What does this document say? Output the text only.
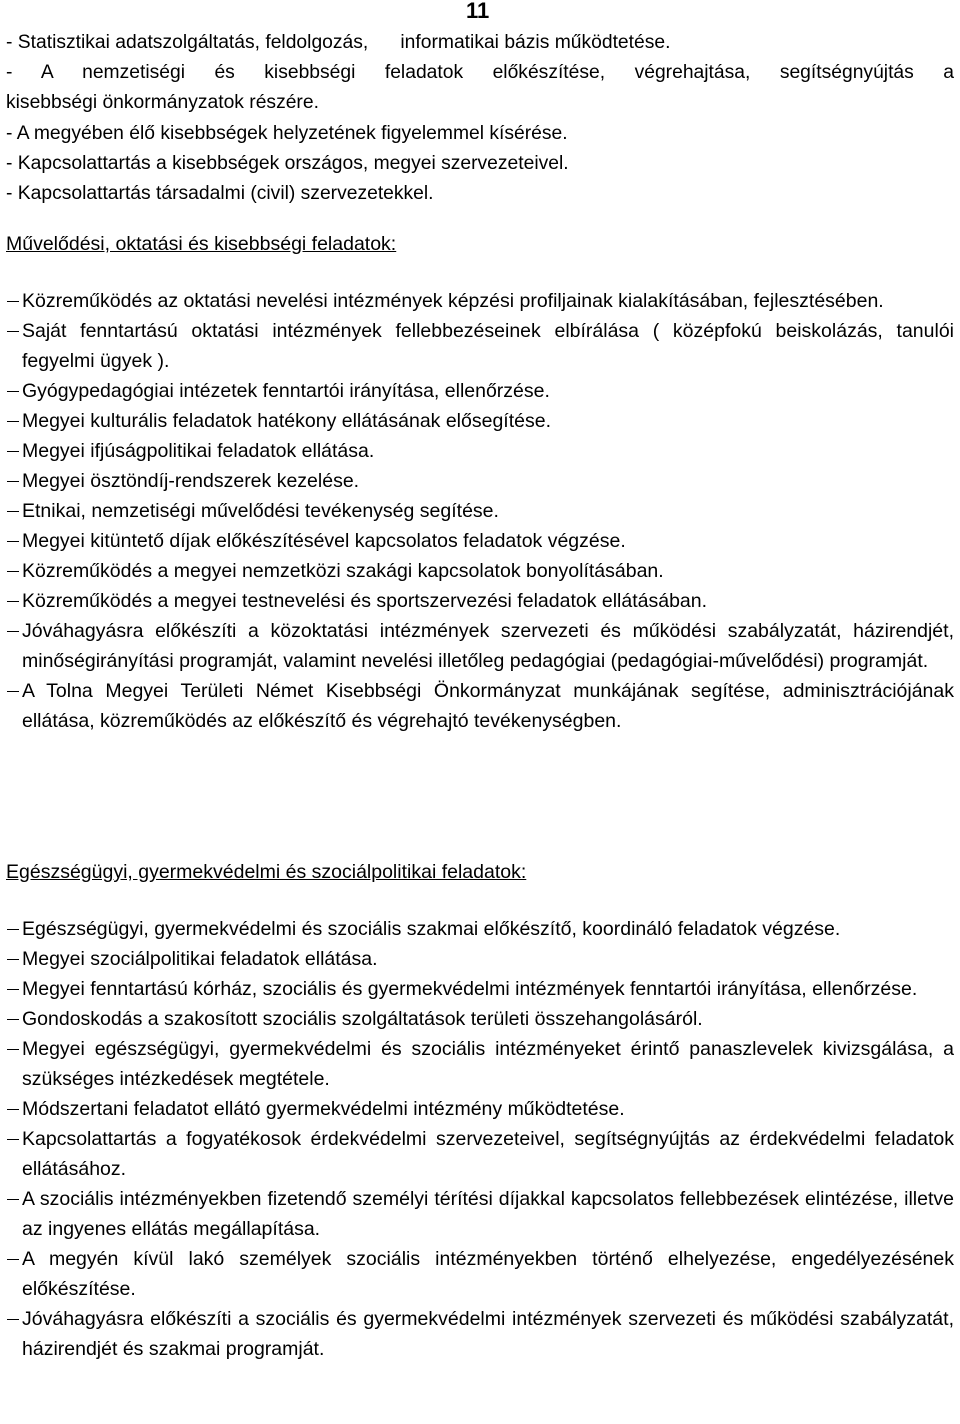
11
- Statisztikai adatszolgáltatás, feldolgozás,      informatikai bázis működtetése.
- A nemzetiségi és kisebbségi feladatok előkészítése, végrehajtása, segítségnyújtás a
kisebbségi önkormányzatok részére.
- A megyében élő kisebbségek helyzetének figyelemmel kísérése.
- Kapcsolattartás a kisebbségek országos, megyei szervezeteivel.
- Kapcsolattartás társadalmi (civil) szervezetekkel.
Művelődési, oktatási és kisebbségi feladatok:
Közreműködés az oktatási nevelési intézmények képzési profiljainak kialakításában, fejlesztésében.
Saját fenntartású oktatási intézmények fellebbezéseinek elbírálása ( középfokú beiskolázás, tanulói fegyelmi ügyek ).
Gyógypedagógiai intézetek fenntartói irányítása, ellenőrzése.
Megyei kulturális feladatok hatékony ellátásának elősegítése.
Megyei ifjúságpolitikai feladatok ellátása.
Megyei ösztöndíj-rendszerek kezelése.
Etnikai, nemzetiségi művelődési tevékenység segítése.
Megyei kitüntető díjak előkészítésével kapcsolatos feladatok végzése.
Közreműködés a megyei nemzetközi szakági kapcsolatok bonyolításában.
Közreműködés a megyei testnevelési és sportszervezési feladatok ellátásában.
Jóváhagyásra előkészíti a közoktatási intézmények szervezeti és működési szabályzatát, házirendjét, minőségirányítási programját, valamint nevelési illetőleg pedagógiai (pedagógiai-művelődési) programját.
A Tolna Megyei Területi Német Kisebbségi Önkormányzat munkájának segítése, adminisztrációjának ellátása, közreműködés az előkészítő és végrehajtó tevékenységben.
Egészségügyi, gyermekvédelmi és szociálpolitikai feladatok:
Egészségügyi, gyermekvédelmi és szociális szakmai előkészítő, koordináló feladatok végzése.
Megyei szociálpolitikai feladatok ellátása.
Megyei fenntartású kórház, szociális és gyermekvédelmi intézmények fenntartói irányítása, ellenőrzése.
Gondoskodás a szakosított szociális szolgáltatások területi összehangolásáról.
Megyei egészségügyi, gyermekvédelmi és szociális intézményeket érintő panaszlevelek kivizsgálása, a szükséges intézkedések megtétele.
Módszertani feladatot ellátó gyermekvédelmi intézmény működtetése.
Kapcsolattartás a fogyatékosok érdekvédelmi szervezeteivel, segítségnyújtás az érdekvédelmi feladatok ellátásához.
A szociális intézményekben fizetendő személyi térítési díjakkal kapcsolatos fellebbezések elintézése, illetve az ingyenes ellátás megállapítása.
A megyén kívül lakó személyek szociális intézményekben történő elhelyezése, engedélyezésének előkészítése.
Jóváhagyásra előkészíti a szociális és gyermekvédelmi intézmények szervezeti és működési szabályzatát, házirendjét és szakmai programját.
